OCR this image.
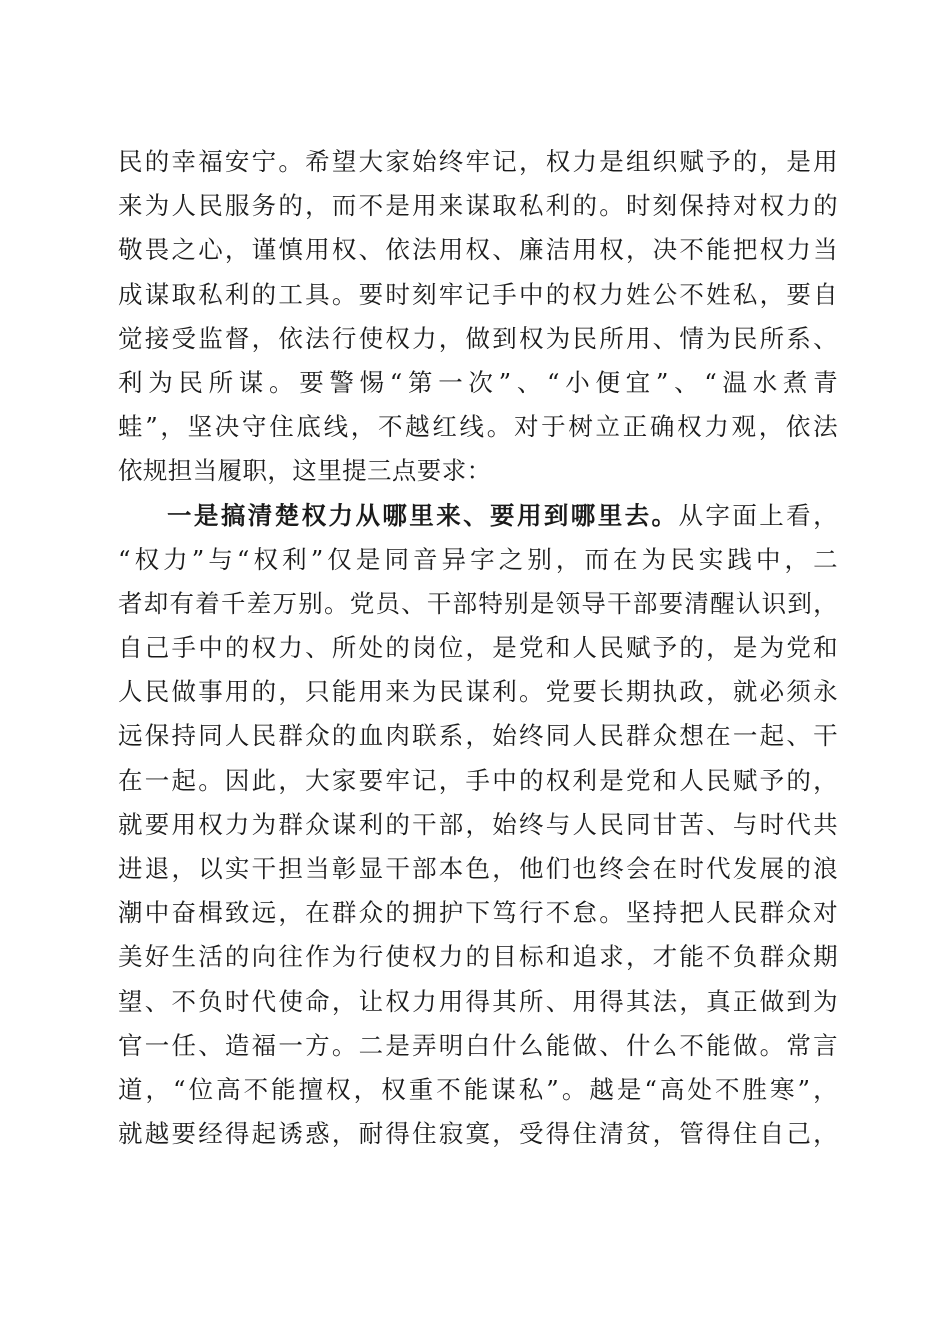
民的幸福安宁。希望大家始终牢记，权力是组织赋予的，是用
来为人民服务的，而不是用来谋取私利的。时刻保持对权力的
敬畏之心，谨慎用权、依法用权、廉洁用权，决不能把权力当
成谋取私利的工具。要时刻牢记手中的权力姓公不姓私，要自
觉接受监督，依法行使权力，做到权为民所用、情为民所系、
利为民所谋。要警惕“第一次”、“小便宜”、“温水煮青
蛙”，坚决守住底线，不越红线。对于树立正确权力观，依法
依规担当履职，这里提三点要求：
一是搞清楚权力从哪里来、要用到哪里去。从字面上看，
“权力”与“权利”仅是同音异字之别，而在为民实践中，二
者却有着千差万别。党员、干部特别是领导干部要清醒认识到，
自己手中的权力、所处的岗位，是党和人民赋予的，是为党和
人民做事用的，只能用来为民谋利。党要长期执政，就必须永
远保持同人民群众的血肉联系，始终同人民群众想在一起、干
在一起。因此，大家要牢记，手中的权利是党和人民赋予的，
就要用权力为群众谋利的干部，始终与人民同甘苦、与时代共
进退，以实干担当彰显干部本色，他们也终会在时代发展的浪
潮中奋楫致远，在群众的拥护下笃行不怠。坚持把人民群众对
美好生活的向往作为行使权力的目标和追求，才能不负群众期
望、不负时代使命，让权力用得其所、用得其法，真正做到为
官一任、造福一方。二是弄明白什么能做、什么不能做。常言
道，“位高不能擅权，权重不能谋私”。越是“高处不胜寒”，
就越要经得起诱惑，耐得住寂寞，受得住清贫，管得住自己，
